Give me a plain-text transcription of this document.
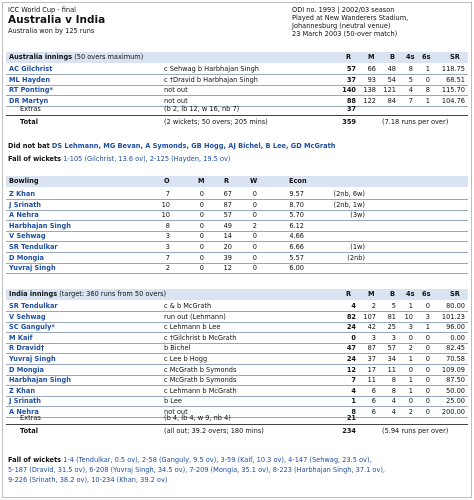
ICC World Cup - final
Australia v India
Australia won by 125 runs
ODI no. 1993 | 2002/03 season
Played at New Wanderers Stadium,
Johannesburg (neutral venue)
23 March 2003 (50-over match)
Australia innings (50 overs maximum)	R	M B 4s 6s	SR
AC Gilchrist	c Sehwag b Harbhajan Singh	57	66	48	8	1	118.75
ML Hayden	c †Dravid b Harbhajan Singh	37	93	54	5	0	68.51
RT Ponting*	not out	140	138	121	4	8	115.70
DR Martyn	not out	88	122	84	7	1	104.76
Extras	(b 2, lb 12, w 16, nb 7)	37
Total	(2 wickets; 50 overs; 205 mins)	359	(7.18 runs per over)
Did not bat DS Lehmann, MG Bevan, A Symonds, GB Hogg, AJ Bichel, B Lee, GD McGrath
Fall of wickets 1-105 (Gilchrist, 13.6 ov), 2-125 (Hayden, 19.5 ov)
Bowling	O	M	R	W	Econ
Z Khan	7	0	67	0	9.57	(2nb, 6w)
J Srinath	10	0	87	0	8.70	(2nb, 1w)
A Nehra	10	0	57	0	5.70	(3w)
Harbhajan Singh	8	0	49	2	6.12
V Sehwag	3	0	14	0	4.66
SR Tendulkar	3	0	20	0	6.66	(1w)
D Mongia	7	0	39	0	5.57	(2nb)
Yuvraj Singh	2	0	12	0	6.00
India innings (target: 360 runs from 50 overs)	R	M B 4s 6s	SR
SR Tendulkar	c & b McGrath	4	2	5	1	0	80.00
V Sehwag	run out (Lehmann)	82	107	81	10	3	101.23
SC Ganguly*	c Lehmann b Lee	24	42	25	3	1	96.00
M Kaif	c †Gilchrist b McGrath	0	3	3	0	0	0.00
R Dravid†	b Bichel	47	87	57	2	0	82.45
Yuvraj Singh	c Lee b Hogg	24	37	34	1	0	70.58
D Mongia	c McGrath b Symonds	12	17	11	0	0	109.09
Harbhajan Singh	c McGrath b Symonds	7	11	8	1	0	87.50
Z Khan	c Lehmann b McGrath	4	6	8	1	0	50.00
J Srinath	b Lee	1	6	4	0	0	25.00
A Nehra	not out	8	6	4	2	0	200.00
Extras	(b 4, lb 4, w 9, nb 4)	21
Total	(all out; 39.2 overs; 180 mins)	234	(5.94 runs per over)
Fall of wickets 1-4 (Tendulkar, 0.5 ov), 2-58 (Ganguly, 9.5 ov), 3-59 (Kaif, 10.3 ov), 4-147 (Sehwag, 23.5 ov),
5-187 (Dravid, 31.5 ov), 6-208 (Yuvraj Singh, 34.5 ov), 7-209 (Mongia, 35.1 ov), 8-223 (Harbhajan Singh, 37.1 ov),
9-226 (Srinath, 38.2 ov), 10-234 (Khan, 39.2 ov)
